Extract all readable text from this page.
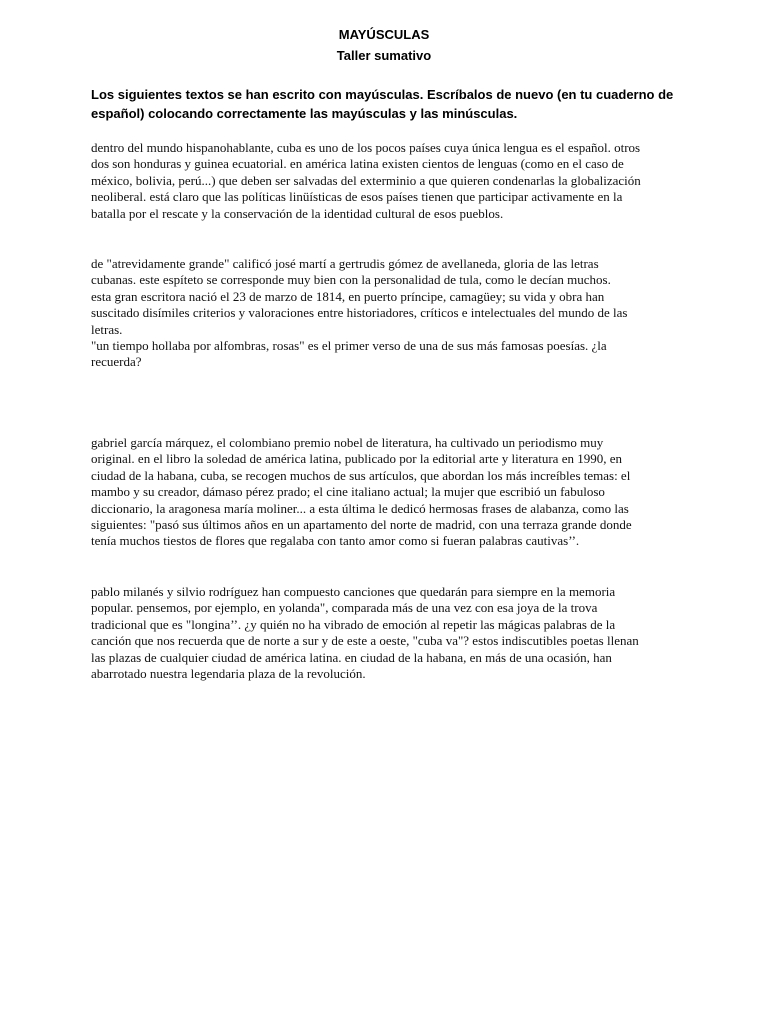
MAYÚSCULAS
Taller sumativo

Los siguientes textos se han escrito con mayúsculas. Escríbalos de nuevo (en tu cuaderno de
español) colocando correctamente las mayúsculas y las minúsculas.

dentro del mundo hispanohablante, cuba es uno de los pocos países cuya única lengua es el español. otros
dos son honduras y guinea ecuatorial. en américa latina existen cientos de lenguas (como en el caso de
méxico, bolivia, perú...) que deben ser salvadas del exterminio a que quieren condenarlas la globalización
neoliberal. está claro que las políticas linüísticas de esos países tienen que participar activamente en la
batalla por el rescate y la conservación de la identidad cultural de esos pueblos.

de "atrevidamente grande" calificó josé martí a gertrudis gómez de avellaneda, gloria de las letras
cubanas. este espíteto se corresponde muy bien con la personalidad de tula, como le decían muchos.
esta gran escritora nació el 23 de marzo de 1814, en puerto príncipe, camagüey; su vida y obra han
suscitado disímiles criterios y valoraciones entre historiadores, críticos e intelectuales del mundo de las
letras.
"un tiempo hollaba por alfombras, rosas" es el primer verso de una de sus más famosas poesías. ¿la
recuerda?

gabriel garcía márquez, el colombiano premio nobel de literatura, ha cultivado un periodismo muy
original. en el libro la soledad de américa latina, publicado por la editorial arte y literatura en 1990, en
ciudad de la habana, cuba, se recogen muchos de sus artículos, que abordan los más increíbles temas: el
mambo y su creador, dámaso pérez prado; el cine italiano actual; la mujer que escribió un fabuloso
diccionario, la aragonesa maría moliner... a esta última le dedicó hermosas frases de alabanza, como las
siguientes: "pasó sus últimos años en un apartamento del norte de madrid, con una terraza grande donde
tenía muchos tiestos de flores que regalaba con tanto amor como si fueran palabras cautivas’’.

pablo milanés y silvio rodríguez han compuesto canciones que quedarán para siempre en la memoria
popular. pensemos, por ejemplo, en yolanda", comparada más de una vez con esa joya de la trova
tradicional que es "longina’’. ¿y quién no ha vibrado de emoción al repetir las mágicas palabras de la
canción que nos recuerda que de norte a sur y de este a oeste, "cuba va"? estos indiscutibles poetas llenan
las plazas de cualquier ciudad de américa latina. en ciudad de la habana, en más de una ocasión, han
abarrotado nuestra legendaria plaza de la revolución.
